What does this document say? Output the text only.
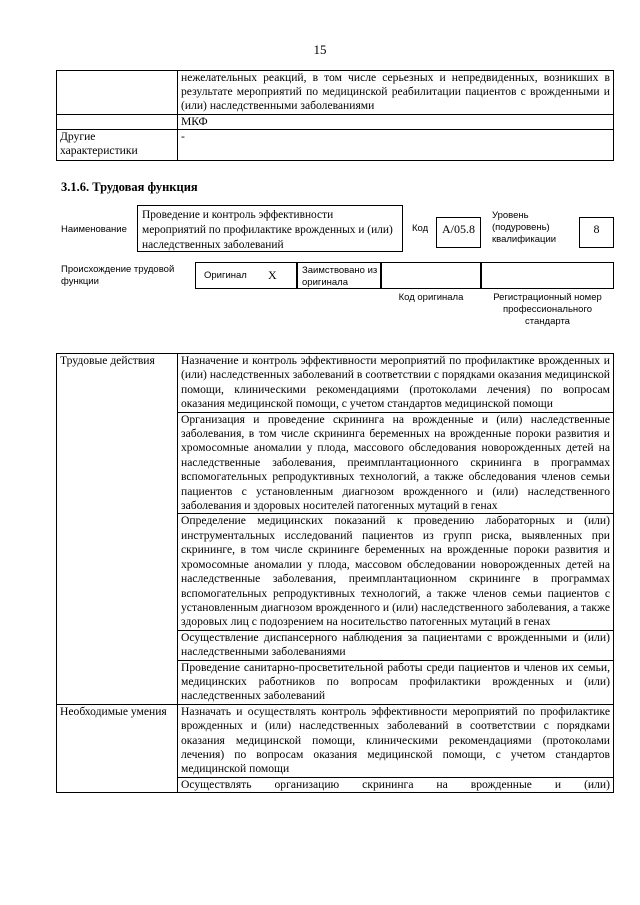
15
	нежелательных реакций, в том числе серьезных и непредвиденных, возникших в результате мероприятий по медицинской реабилитации пациентов с врожденными и (или) наследственными заболеваниями
	МКФ
Другие характеристики	-
3.1.6. Трудовая функция
Наименование
Проведение и контроль эффективности мероприятий по профилактике врожденных и (или) наследственных заболеваний
Код	А/05.8
Уровень (подуровень) квалификации
8
Происхождение трудовой функции
Оригинал X	Заимствовано из оригинала
Код оригинала	Регистрационный номер профессионального стандарта
Трудовые действия	Назначение и контроль эффективности мероприятий по профилактике врожденных и (или) наследственных заболеваний в соответствии с порядками оказания медицинской помощи, клиническими рекомендациями (протоколами лечения) по вопросам оказания медицинской помощи, с учетом стандартов медицинской помощи
	Организация и проведение скрининга на врожденные и (или) наследственные заболевания, в том числе скрининга беременных на врожденные пороки развития и хромосомные аномалии у плода, массового обследования новорожденных детей на наследственные заболевания, преимплантационного скрининга в программах вспомогательных репродуктивных технологий, а также обследования членов семьи пациентов с установленным диагнозом врожденного и (или) наследственного заболевания и здоровых носителей патогенных мутаций в генах
	Определение медицинских показаний к проведению лабораторных и (или) инструментальных исследований пациентов из групп риска, выявленных при скрининге, в том числе скрининге беременных на врожденные пороки развития и хромосомные аномалии у плода, массовом обследовании новорожденных детей на наследственные заболевания, преимплантационном скрининге в программах вспомогательных репродуктивных технологий, а также членов семьи пациентов с установленным диагнозом врожденного и (или) наследственного заболевания, а также здоровых лиц с подозрением на носительство патогенных мутаций в генах
	Осуществление диспансерного наблюдения за пациентами с врожденными и (или) наследственными заболеваниями
	Проведение санитарно-просветительной работы среди пациентов и членов их семьи, медицинских работников по вопросам профилактики врожденных и (или) наследственных заболеваний
Необходимые умения	Назначать и осуществлять контроль эффективности мероприятий по профилактике врожденных и (или) наследственных заболеваний в соответствии с порядками оказания медицинской помощи, клиническими рекомендациями (протоколами лечения) по вопросам оказания медицинской помощи, с учетом стандартов медицинской помощи
	Осуществлять организацию скрининга на врожденные и (или)
